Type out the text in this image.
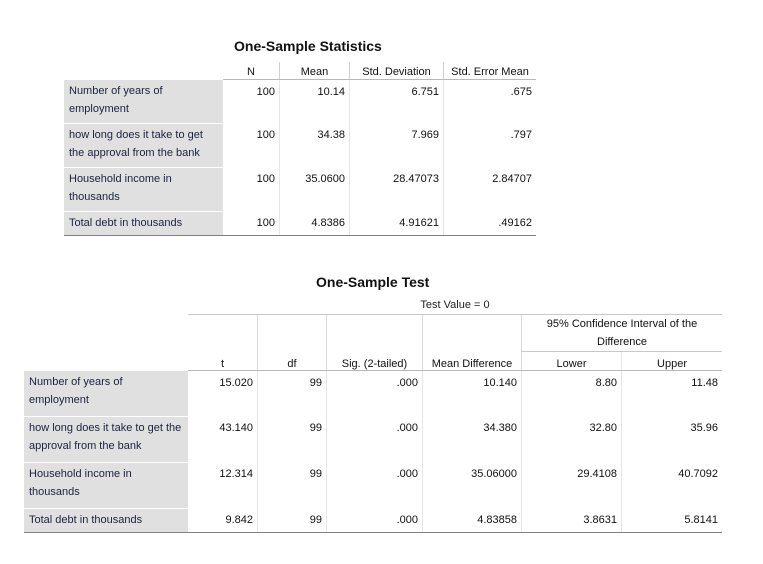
One-Sample Statistics
	N	Mean	Std. Deviation	Std. Error Mean
Number of years of employment	100	10.14	6.751	.675
how long does it take to get the approval from the bank	100	34.38	7.969	.797
Household income in thousands	100	35.0600	28.47073	2.84707
Total debt in thousands	100	4.8386	4.91621	.49162
One-Sample Test
	Test Value = 0					
					95% Confidence Interval of the Difference	
	t	df	Sig. (2-tailed)	Mean Difference	Lower	Upper
Number of years of employment	15.020	99	.000	10.140	8.80	11.48
how long does it take to get the approval from the bank	43.140	99	.000	34.380	32.80	35.96
Household income in thousands	12.314	99	.000	35.06000	29.4108	40.7092
Total debt in thousands	9.842	99	.000	4.83858	3.8631	5.8141
